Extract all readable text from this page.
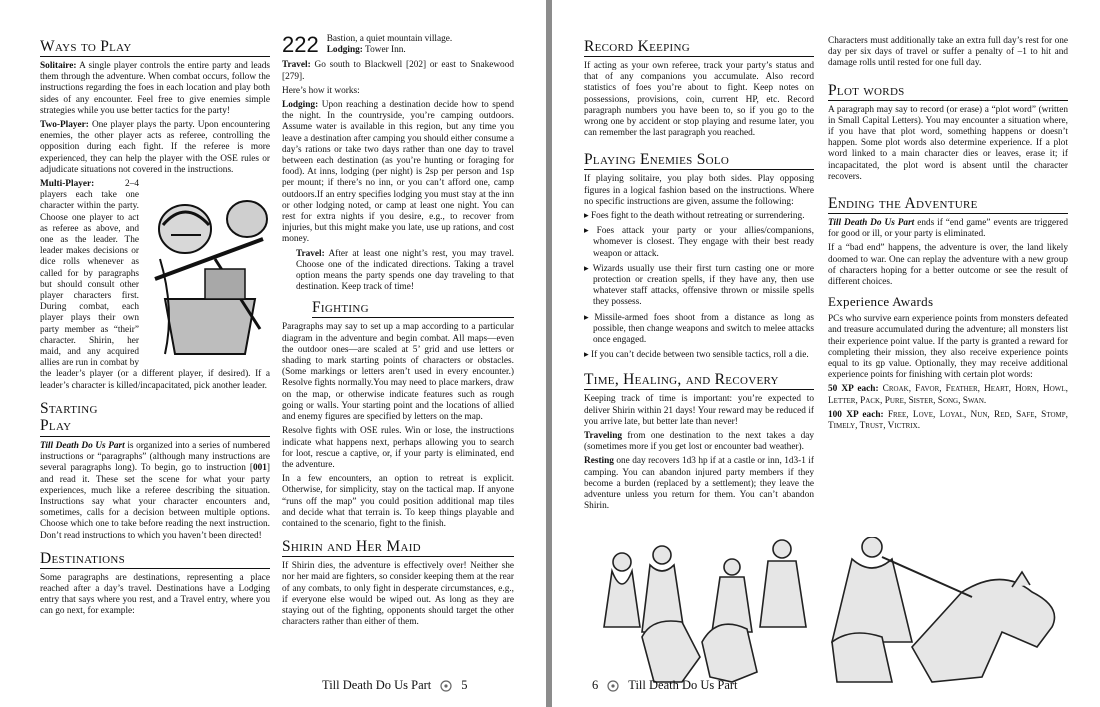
Ways to Play

Solitaire: A single player controls the entire party and leads them through the adventure. When combat occurs, follow the instructions regarding the foes in each location and play both sides of any encounter. Feel free to give enemies simple strategies while you use better tactics for the party!

Two-Player: One player plays the party. Upon encountering enemies, the other player acts as referee, controlling the opposition during each fight. If the referee is more experienced, they can help the player with the OSE rules or adjudicate situations not covered in the instructions.

Multi-Player: 2–4 players each take one character within the party. Choose one player to act as referee as above, and one as the leader. The leader makes decisions or dice rolls whenever as called for by paragraphs but should consult other player characters first. During combat, each player plays their own party member as “their” character. Shirin, her maid, and any acquired allies are run in combat by the leader’s player (or a different player, if desired). If a leader’s character is killed/incapacitated, pick another leader.

Starting Play

Till Death Do Us Part is organized into a series of numbered instructions or “paragraphs” (although many instructions are several paragraphs long). To begin, go to instruction [001] and read it. These set the scene for what your party experiences, much like a referee describing the situation. Instructions say what your character encounters and, sometimes, calls for a decision between multiple options. Choose which one to take before reading the next instruction. Don’t read instructions to which you haven’t been directed!

Destinations

Some paragraphs are destinations, representing a place reached after a day’s travel. Destinations have a Lodging entry that says where you rest, and a Travel entry, where you can go next, for example:

222 Bastion, a quiet mountain village.
Lodging: Tower Inn.

Travel: Go south to Blackwell [202] or east to Snakewood [279].

Here’s how it works:

Lodging: Upon reaching a destination decide how to spend the night. In the countryside, you’re camping outdoors. Assume water is available in this region, but any time you leave a destination after camping you should either consume a day’s rations or take two days rather than one day to travel between each destination (as you’re hunting or foraging for food). At inns, lodging (per night) is 2sp per person and 1sp per mount; if there’s no inn, or you can’t afford one, camp outdoors.If an entry specifies lodging you must stay at the inn or other lodging noted, or camp at least one night. You can rest for extra nights if you desire, e.g., to recover from injuries, but this might make you late, use up rations, and cost money.

Travel: After at least one night’s rest, you may travel. Choose one of the indicated directions. Taking a travel option means the party spends one day traveling to that destination. Keep track of time!

Fighting

Paragraphs may say to set up a map according to a particular diagram in the adventure and begin combat. All maps—even the outdoor ones—are scaled at 5’ grid and use letters or shading to mark starting points of characters or obstacles. (Some markings or letters aren’t used in every encounter.) Resolve fights normally.You may need to place markers, draw on the map, or otherwise indicate features such as rough going or walls. Your starting point and the locations of allied and enemy figures are specified by letters on the map.

Resolve fights with OSE rules. Win or lose, the instructions indicate what happens next, perhaps allowing you to search for loot, rescue a captive, or, if your party is eliminated, end the adventure.

In a few encounters, an option to retreat is explicit. Otherwise, for simplicity, stay on the tactical map. If anyone “runs off the map” you could position additional map tiles and decide what that terrain is. To keep things playable and contained to the scenario, fight to the finish.

Shirin and Her Maid

If Shirin dies, the adventure is effectively over! Neither she nor her maid are fighters, so consider keeping them at the rear of any combats, to only fight in desperate circumstances, e.g., if everyone else would be wiped out. As long as they are staying out of the fighting, opponents should target the other characters rather than either of them.

Till Death Do Us Part 5
Record Keeping

If acting as your own referee, track your party’s status and that of any companions you accumulate. Also record statistics of foes you’re about to fight. Keep notes on possessions, provisions, coin, current HP, etc. Record paragraph numbers you have been to, so if you go to the wrong one by accident or stop playing and resume later, you can remember the last paragraph you reached.

Playing Enemies Solo

If playing solitaire, you play both sides. Play opposing figures in a logical fashion based on the instructions. Where no specific instructions are given, assume the following:

▸ Foes fight to the death without retreating or surrendering.
▸ Foes attack your party or your allies/companions, whomever is closest. They engage with their best ready weapon or attack.
▸ Wizards usually use their first turn casting one or more protection or creation spells, if they have any, then use whatever staff attacks, offensive thrown or missile spells they possess.
▸ Missile-armed foes shoot from a distance as long as possible, then change weapons and switch to melee attacks once engaged.
▸ If you can’t decide between two sensible tactics, roll a die.
Time, Healing, and Recovery

Keeping track of time is important: you’re expected to deliver Shirin within 21 days! Your reward may be reduced if you arrive late, but better late than never!

Traveling from one destination to the next takes a day (sometimes more if you get lost or encounter bad weather).

Resting one day recovers 1d3 hp if at a castle or inn, 1d3-1 if camping. You can abandon injured party members if they become a burden (replaced by a settlement); they leave the adventure unless you return for them. You can’t abandon Shirin.

Characters must additionally take an extra full day’s rest for one day per six days of travel or suffer a penalty of –1 to hit and damage rolls until rested for one full day.

Plot words

A paragraph may say to record (or erase) a “plot word” (written in Small Capital Letters). You may encounter a situation where, if you have that plot word, something happens or doesn’t happen. Some plot words also determine experience. If a plot word linked to a main character dies or leaves, erase it; if incapacitated, the plot word is absent until the character recovers.

Ending the Adventure

Till Death Do Us Part ends if “end game” events are triggered for good or ill, or your party is eliminated.

If a “bad end” happens, the adventure is over, the land likely doomed to war. One can replay the adventure with a new group of characters hoping for a better outcome or see the result of different choices.

Experience Awards

PCs who survive earn experience points from monsters defeated and treasure accumulated during the adventure; all monsters list their experience point value. If the party is granted a reward for completing their mission, they also receive experience points equal to its gp value. Optionally, they may receive additional experience points for finishing with certain plot words:

50 XP each: Croak, Favor, Feather, Heart, Horn, Howl, Letter, Pack, Pure, Sister, Song, Swan.

100 XP each: Free, Love, Loyal, Nun, Red, Safe, Stomp, Timely, Trust, Victrix.

6 Till Death Do Us Part
